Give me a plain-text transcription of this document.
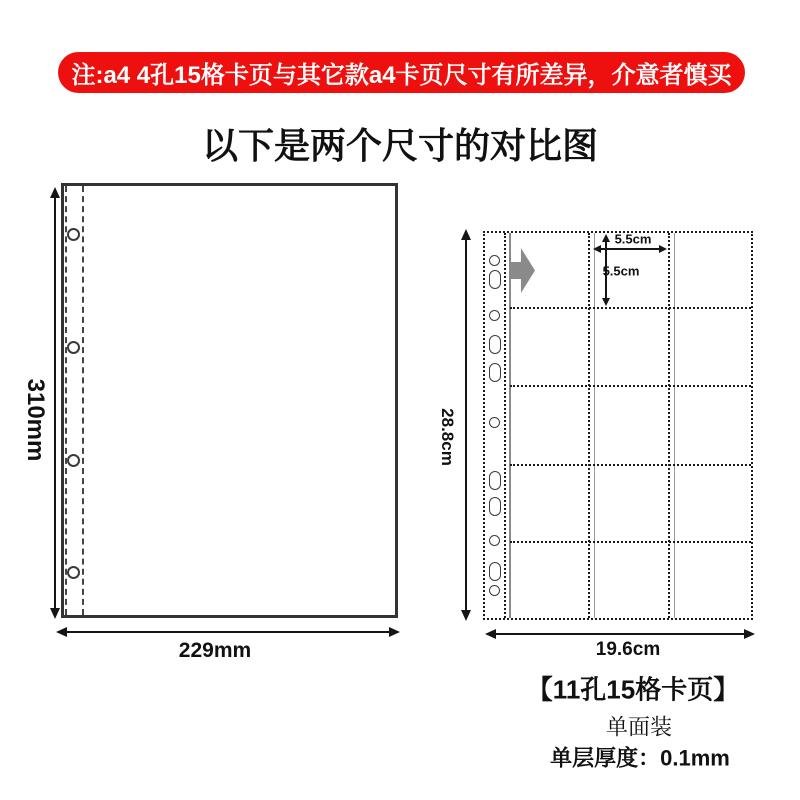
注:a4 4孔15格卡页与其它款a4卡页尺寸有所差异，介意者慎买
以下是两个尺寸的对比图
310mm
229mm
5.5cm
5.5cm
28.8cm
19.6cm
【11孔15格卡页】
单面装
单层厚度：0.1mm
